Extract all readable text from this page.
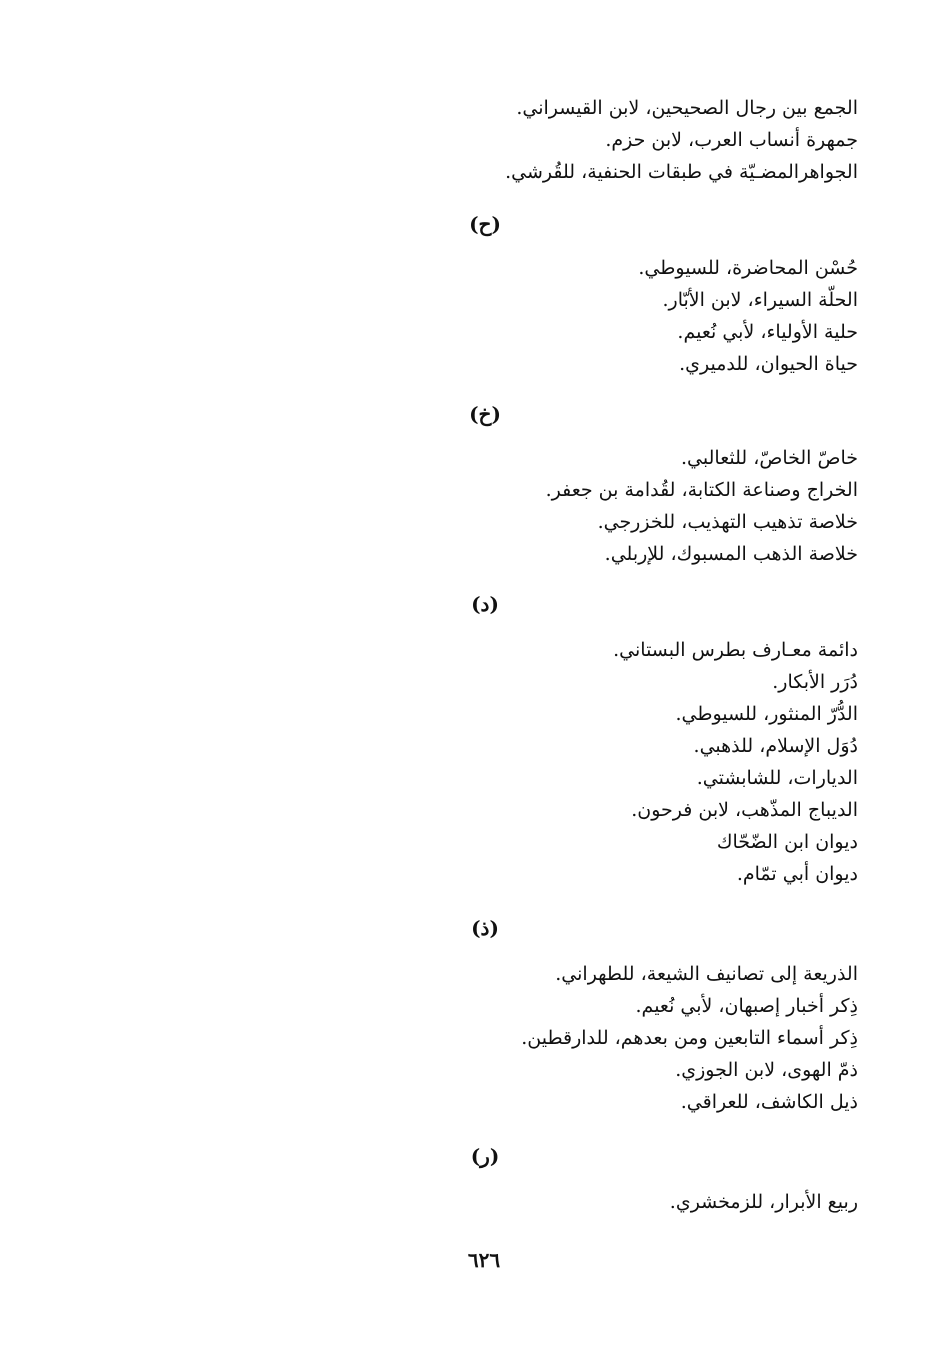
الجمع بين رجال الصحيحين، لابن القيسراني.

جمهرة أنساب العرب، لابن حزم.

الجواهرالمضـيّة في طبقات الحنفية، للقُرشي.

(ح)

حُسْن المحاضرة، للسيوطي.

الحلّة السيراء، لابن الأبّار.

حلية الأولياء، لأبي نُعيم.

حياة الحيوان، للدميري.

(خ)

خاصّ الخاصّ، للثعالبي.

الخراج وصناعة الكتابة، لقُدامة بن جعفر.

خلاصة تذهيب التهذيب، للخزرجي.

خلاصة الذهب المسبوك، للإربلي.

(د)

دائمة معـارف بطرس البستاني.

دُرَر الأبكار.

الدُّرّ المنثور، للسيوطي.

دُوَل الإسلام، للذهبي.

الديارات، للشابشتي.

الديباج المذّهب، لابن فرحون.

ديوان ابن الضّحّاك

ديوان أبي تمّام.

(ذ)

الذريعة إلى تصانيف الشيعة، للطهراني.

ذِكر أخبار إصبهان، لأبي نُعيم.

ذِكر أسماء التابعين ومن بعدهم، للدارقطين.

ذمّ الهوى، لابن الجوزي.

ذيل الكاشف، للعراقي.

(ر)

ربيع الأبرار، للزمخشري.

٦٢٦
